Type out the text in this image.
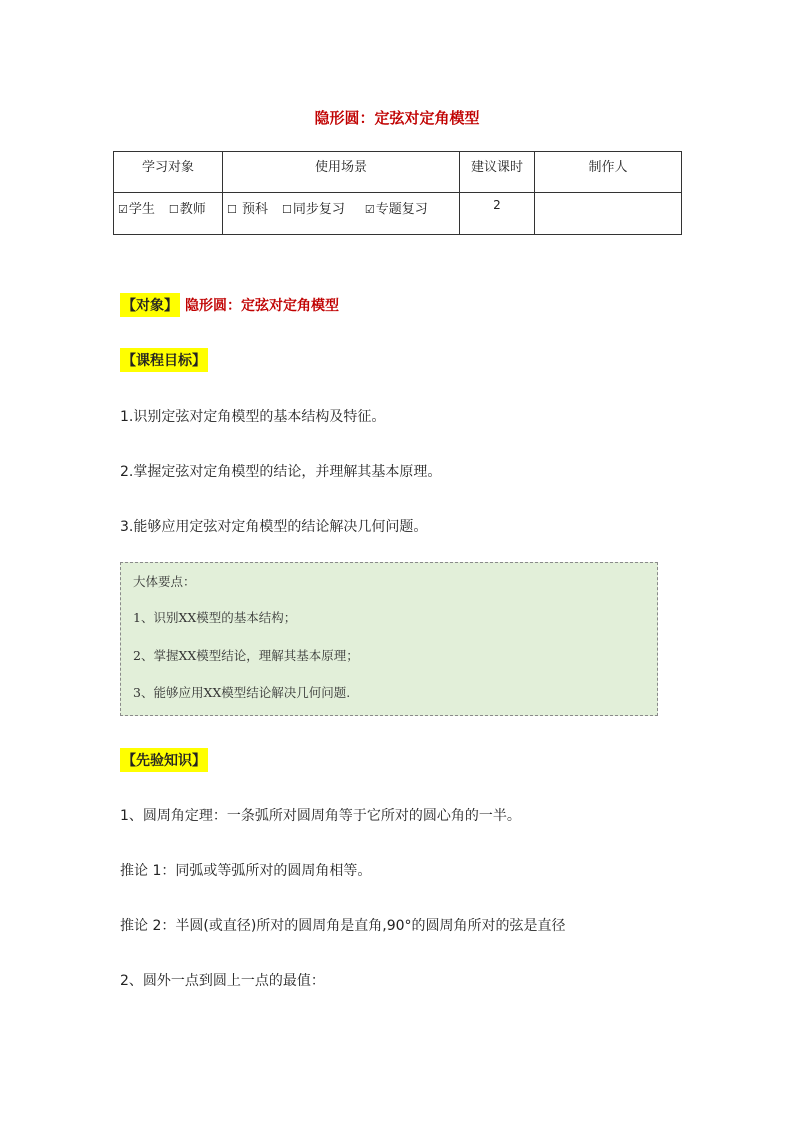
隐形圆：定弦对定角模型
学习对象	使用场景	建议课时	制作人
☑学生 ☐教师	☐ 预科 ☐同步复习 ☑专题复习	2	
【对象】 隐形圆：定弦对定角模型
【课程目标】
1.识别定弦对定角模型的基本结构及特征。
2.掌握定弦对定角模型的结论，并理解其基本原理。
3.能够应用定弦对定角模型的结论解决几何问题。
大体要点：
1、识别XX模型的基本结构；
2、掌握XX模型结论，理解其基本原理；
3、能够应用XX模型结论解决几何问题.
【先验知识】
1、圆周角定理：一条弧所对圆周角等于它所对的圆心角的一半。
推论 1：同弧或等弧所对的圆周角相等。
推论 2：半圆(或直径)所对的圆周角是直角,90°的圆周角所对的弦是直径
2、圆外一点到圆上一点的最值：
